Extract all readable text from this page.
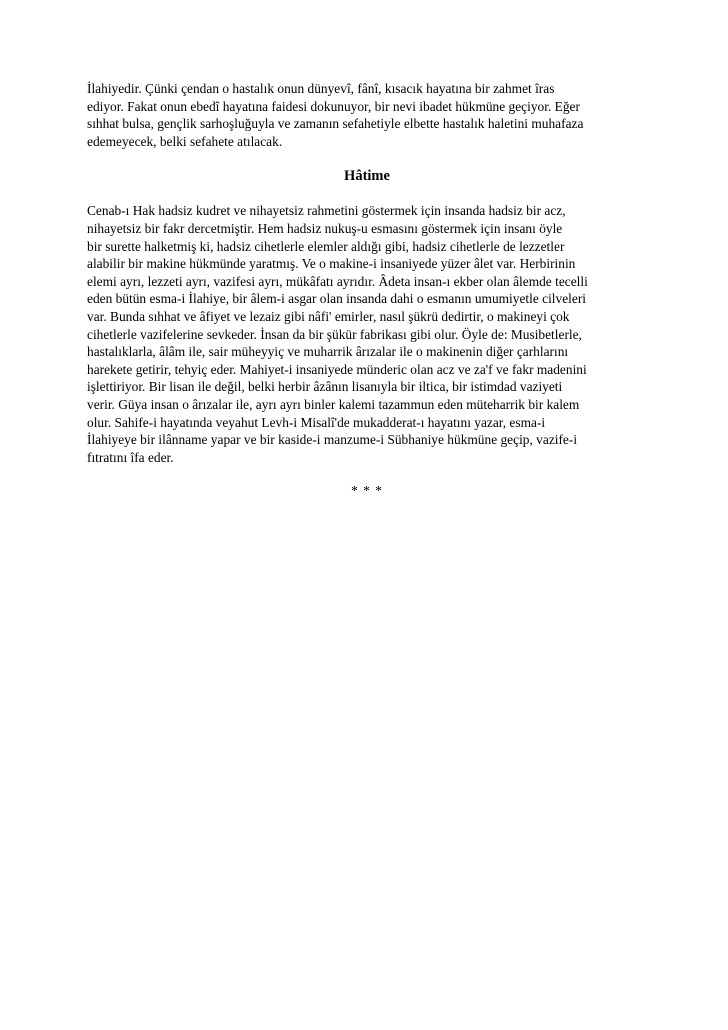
İlahiyedir. Çünki çendan o hastalık onun dünyevî, fânî, kısacık hayatına bir zahmet îras
ediyor. Fakat onun ebedî hayatına faidesi dokunuyor, bir nevi ibadet hükmüne geçiyor. Eğer
sıhhat bulsa, gençlik sarhoşluğuyla ve zamanın sefahetiyle elbette hastalık haletini muhafaza
edemeyecek, belki sefahete atılacak.

Hâtime

Cenab-ı Hak hadsiz kudret ve nihayetsiz rahmetini göstermek için insanda hadsiz bir acz,
nihayetsiz bir fakr dercetmiştir. Hem hadsiz nukuş-u esmasını göstermek için insanı öyle
bir surette halketmiş ki, hadsiz cihetlerle elemler aldığı gibi, hadsiz cihetlerle de lezzetler
alabilir bir makine hükmünde yaratmış. Ve o makine-i insaniyede yüzer âlet var. Herbirinin
elemi ayrı, lezzeti ayrı, vazifesi ayrı, mükâfatı ayrıdır. Âdeta insan-ı ekber olan âlemde tecelli
eden bütün esma-i İlahiye, bir âlem-i asgar olan insanda dahi o esmanın umumiyetle cilveleri
var. Bunda sıhhat ve âfiyet ve lezaiz gibi nâfi' emirler, nasıl şükrü dedirtir, o makineyi çok
cihetlerle vazifelerine sevkeder. İnsan da bir şükür fabrikası gibi olur. Öyle de: Musibetlerle,
hastalıklarla, âlâm ile, sair müheyyiç ve muharrik ârızalar ile o makinenin diğer çarhlarını
harekete getirir, tehyiç eder. Mahiyet-i insaniyede münderic olan acz ve za'f ve fakr madenini
işlettiriyor. Bir lisan ile değil, belki herbir âzânın lisanıyla bir iltica, bir istimdad vaziyeti
verir. Güya insan o ârızalar ile, ayrı ayrı binler kalemi tazammun eden müteharrik bir kalem
olur. Sahife-i hayatında veyahut Levh-i Misalî'de mukadderat-ı hayatını yazar, esma-i
İlahiyeye bir ilânname yapar ve bir kaside-i manzume-i Sübhaniye hükmüne geçip, vazife-i
fıtratını îfa eder.

* * *
